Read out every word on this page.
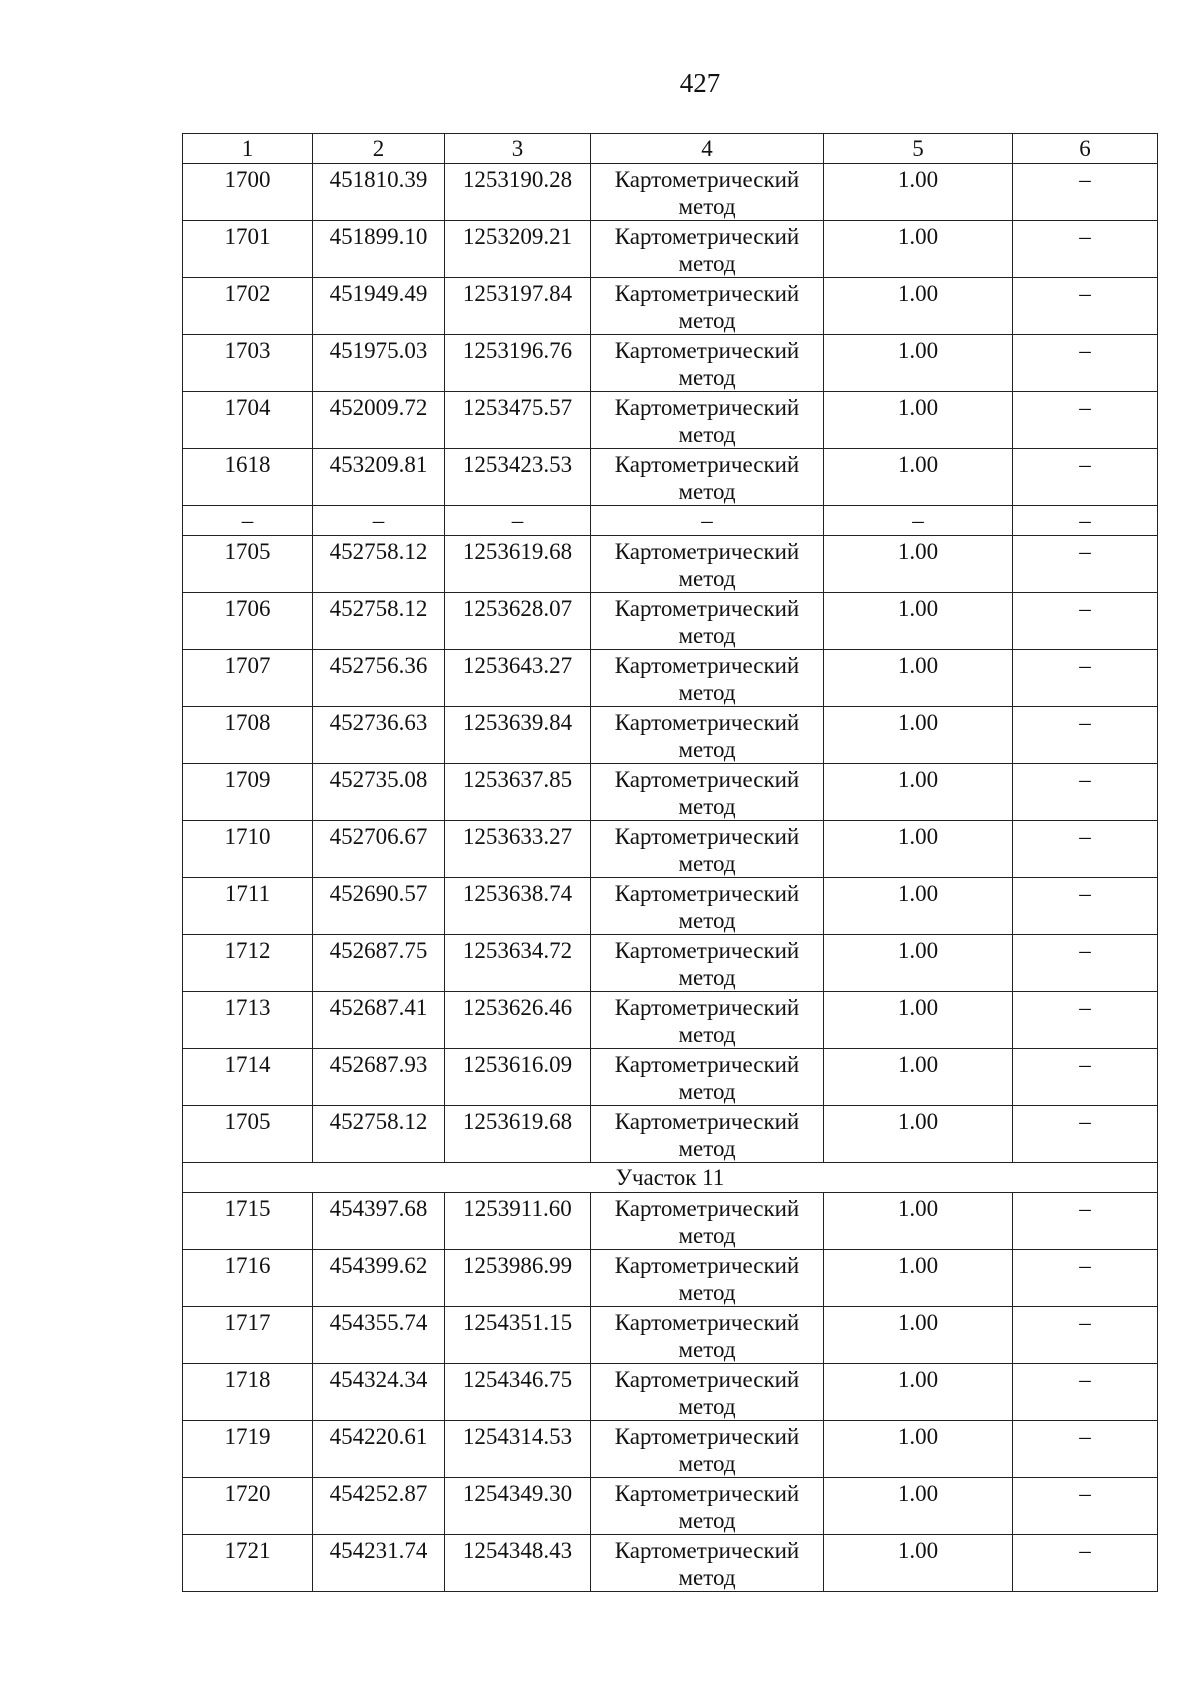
427
1	2	3	4	5	6
1700	451810.39	1253190.28	Картометрический метод	1.00	–
1701	451899.10	1253209.21	Картометрический метод	1.00	–
1702	451949.49	1253197.84	Картометрический метод	1.00	–
1703	451975.03	1253196.76	Картометрический метод	1.00	–
1704	452009.72	1253475.57	Картометрический метод	1.00	–
1618	453209.81	1253423.53	Картометрический метод	1.00	–
–	–	–	–	–	–
1705	452758.12	1253619.68	Картометрический метод	1.00	–
1706	452758.12	1253628.07	Картометрический метод	1.00	–
1707	452756.36	1253643.27	Картометрический метод	1.00	–
1708	452736.63	1253639.84	Картометрический метод	1.00	–
1709	452735.08	1253637.85	Картометрический метод	1.00	–
1710	452706.67	1253633.27	Картометрический метод	1.00	–
1711	452690.57	1253638.74	Картометрический метод	1.00	–
1712	452687.75	1253634.72	Картометрический метод	1.00	–
1713	452687.41	1253626.46	Картометрический метод	1.00	–
1714	452687.93	1253616.09	Картометрический метод	1.00	–
1705	452758.12	1253619.68	Картометрический метод	1.00	–
Участок 11					
1715	454397.68	1253911.60	Картометрический метод	1.00	–
1716	454399.62	1253986.99	Картометрический метод	1.00	–
1717	454355.74	1254351.15	Картометрический метод	1.00	–
1718	454324.34	1254346.75	Картометрический метод	1.00	–
1719	454220.61	1254314.53	Картометрический метод	1.00	–
1720	454252.87	1254349.30	Картометрический метод	1.00	–
1721	454231.74	1254348.43	Картометрический метод	1.00	–
